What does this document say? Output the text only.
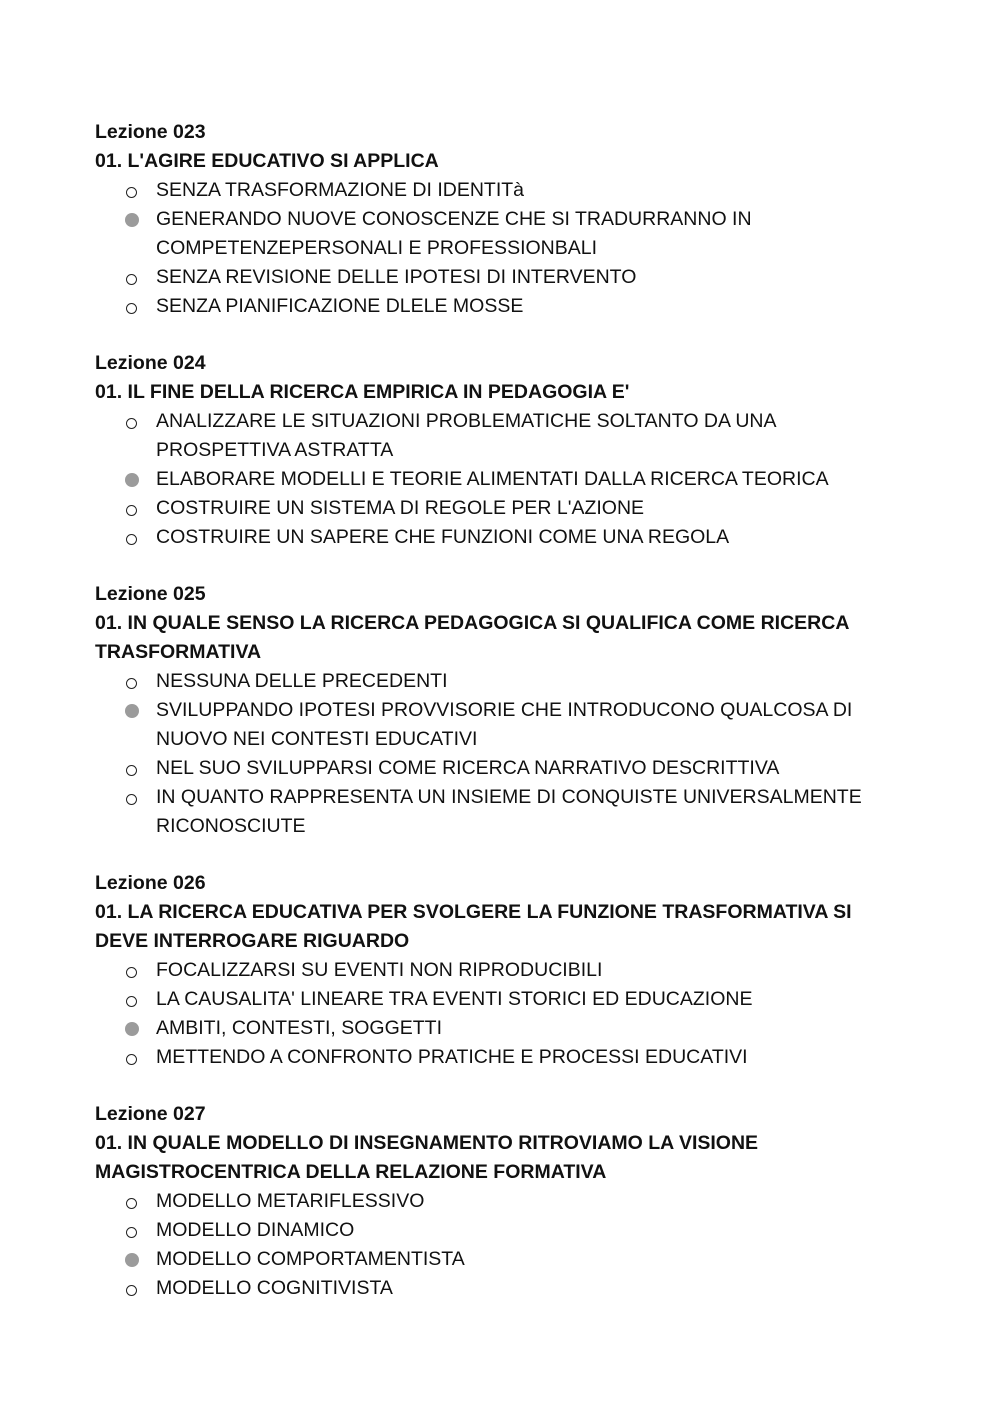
Lezione 023

01. L'AGIRE EDUCATIVO SI APPLICA

SENZA TRASFORMAZIONE DI IDENTITà
GENERANDO NUOVE CONOSCENZE CHE SI TRADURRANNO IN COMPETENZEPERSONALI E PROFESSIONBALI
SENZA REVISIONE DELLE IPOTESI DI INTERVENTO
SENZA PIANIFICAZIONE DLELE MOSSE

Lezione 024

01. IL FINE DELLA RICERCA EMPIRICA IN PEDAGOGIA E'

ANALIZZARE LE SITUAZIONI PROBLEMATICHE SOLTANTO DA UNA PROSPETTIVA ASTRATTA
ELABORARE MODELLI E TEORIE ALIMENTATI DALLA RICERCA TEORICA
COSTRUIRE UN SISTEMA DI REGOLE PER L'AZIONE
COSTRUIRE UN SAPERE CHE FUNZIONI COME UNA REGOLA

Lezione 025

01. IN QUALE SENSO LA RICERCA PEDAGOGICA SI QUALIFICA COME RICERCA TRASFORMATIVA

NESSUNA DELLE PRECEDENTI
SVILUPPANDO IPOTESI PROVVISORIE CHE INTRODUCONO QUALCOSA DI NUOVO NEI CONTESTI EDUCATIVI
NEL SUO SVILUPPARSI COME RICERCA NARRATIVO DESCRITTIVA
IN QUANTO RAPPRESENTA UN INSIEME DI CONQUISTE UNIVERSALMENTE RICONOSCIUTE

Lezione 026

01. LA RICERCA EDUCATIVA PER SVOLGERE LA FUNZIONE TRASFORMATIVA SI DEVE INTERROGARE RIGUARDO

FOCALIZZARSI SU EVENTI NON RIPRODUCIBILI
LA CAUSALITA' LINEARE TRA EVENTI STORICI ED EDUCAZIONE
AMBITI, CONTESTI, SOGGETTI
METTENDO A CONFRONTO PRATICHE E PROCESSI EDUCATIVI

Lezione 027

01. IN QUALE MODELLO DI INSEGNAMENTO RITROVIAMO LA VISIONE MAGISTROCENTRICA DELLA RELAZIONE FORMATIVA

MODELLO METARIFLESSIVO
MODELLO DINAMICO
MODELLO COMPORTAMENTISTA
MODELLO COGNITIVISTA
